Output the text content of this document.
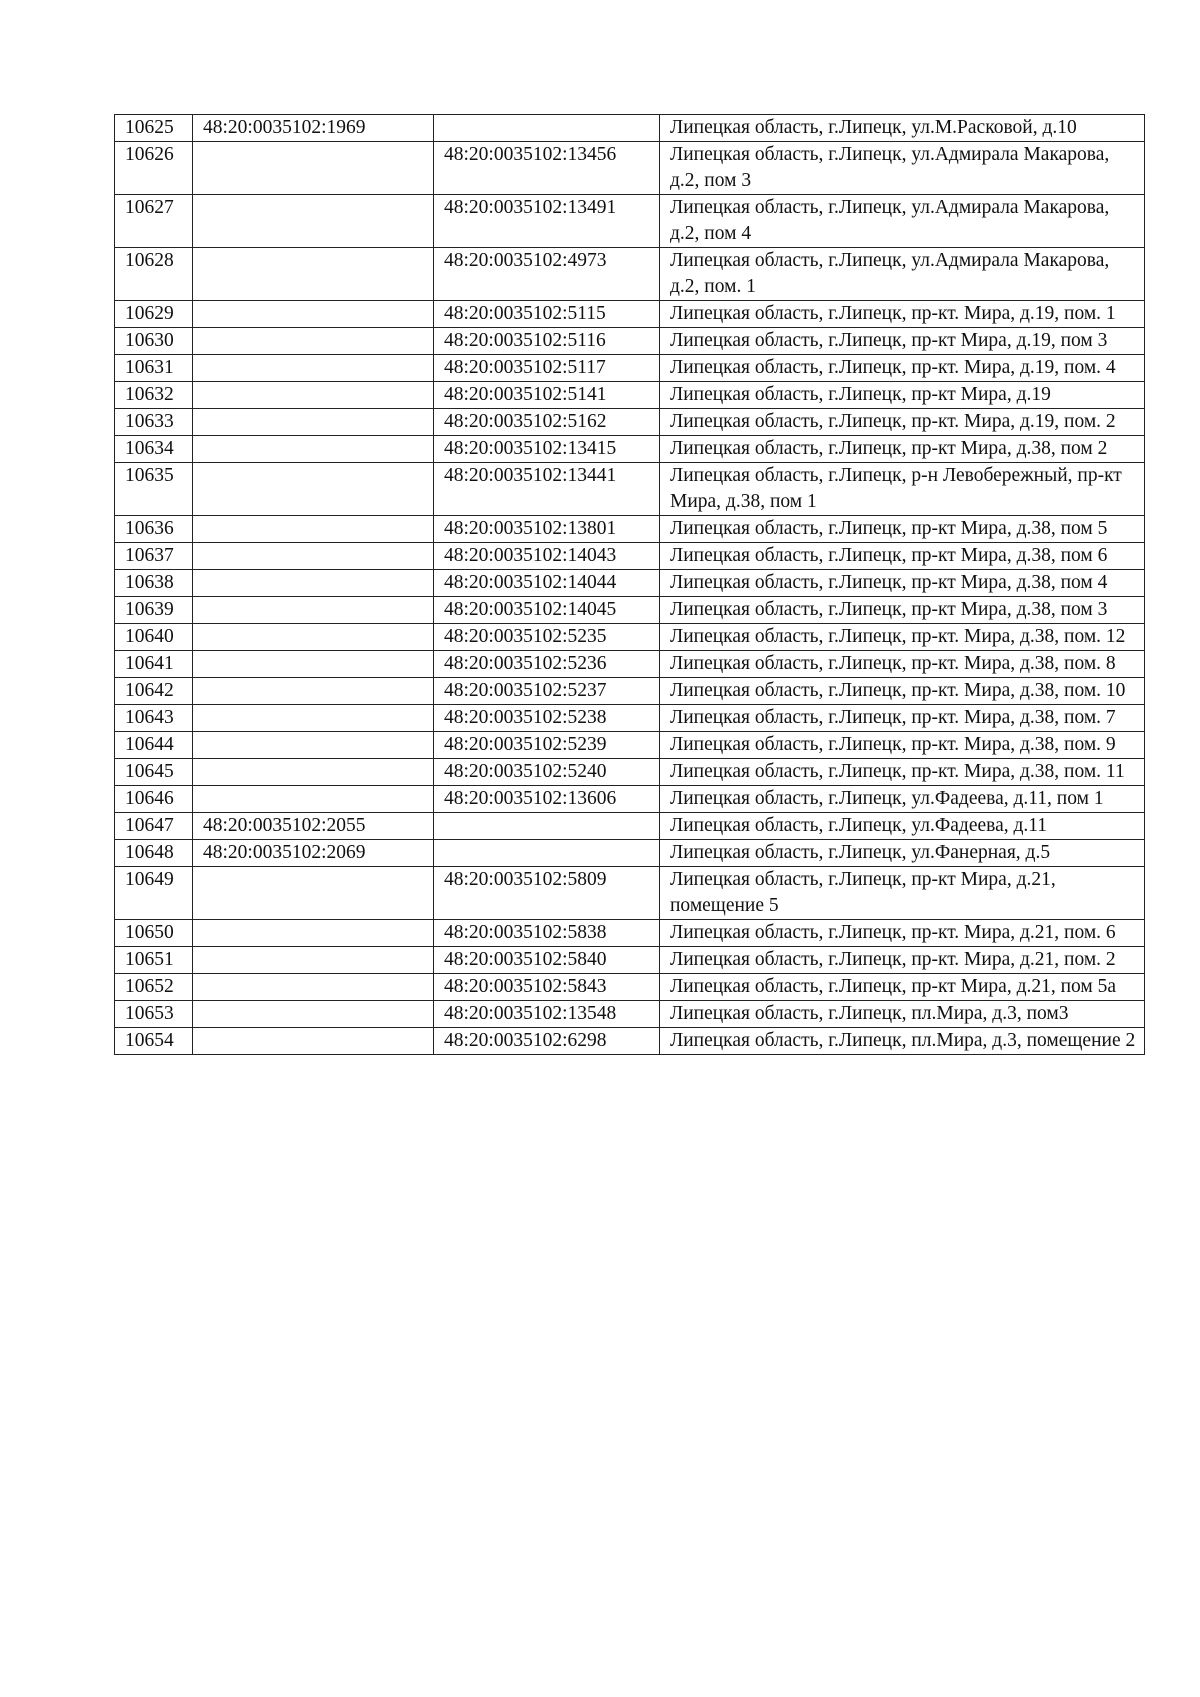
10625	48:20:0035102:1969		Липецкая область, г.Липецк, ул.М.Расковой, д.10
10626		48:20:0035102:13456	Липецкая область, г.Липецк, ул.Адмирала Макарова, д.2, пом 3
10627		48:20:0035102:13491	Липецкая область, г.Липецк, ул.Адмирала Макарова, д.2, пом 4
10628		48:20:0035102:4973	Липецкая область, г.Липецк, ул.Адмирала Макарова, д.2, пом. 1
10629		48:20:0035102:5115	Липецкая область, г.Липецк, пр-кт. Мира, д.19, пом. 1
10630		48:20:0035102:5116	Липецкая область, г.Липецк, пр-кт Мира, д.19, пом 3
10631		48:20:0035102:5117	Липецкая область, г.Липецк, пр-кт. Мира, д.19, пом. 4
10632		48:20:0035102:5141	Липецкая область, г.Липецк, пр-кт Мира, д.19
10633		48:20:0035102:5162	Липецкая область, г.Липецк, пр-кт. Мира, д.19, пом. 2
10634		48:20:0035102:13415	Липецкая область, г.Липецк, пр-кт Мира, д.38, пом 2
10635		48:20:0035102:13441	Липецкая область, г.Липецк, р-н Левобережный, пр-кт Мира, д.38, пом 1
10636		48:20:0035102:13801	Липецкая область, г.Липецк, пр-кт Мира, д.38, пом 5
10637		48:20:0035102:14043	Липецкая область, г.Липецк, пр-кт Мира, д.38, пом 6
10638		48:20:0035102:14044	Липецкая область, г.Липецк, пр-кт Мира, д.38, пом 4
10639		48:20:0035102:14045	Липецкая область, г.Липецк, пр-кт Мира, д.38, пом 3
10640		48:20:0035102:5235	Липецкая область, г.Липецк, пр-кт. Мира, д.38, пом. 12
10641		48:20:0035102:5236	Липецкая область, г.Липецк, пр-кт. Мира, д.38, пом. 8
10642		48:20:0035102:5237	Липецкая область, г.Липецк, пр-кт. Мира, д.38, пом. 10
10643		48:20:0035102:5238	Липецкая область, г.Липецк, пр-кт. Мира, д.38, пом. 7
10644		48:20:0035102:5239	Липецкая область, г.Липецк, пр-кт. Мира, д.38, пом. 9
10645		48:20:0035102:5240	Липецкая область, г.Липецк, пр-кт. Мира, д.38, пом. 11
10646		48:20:0035102:13606	Липецкая область, г.Липецк, ул.Фадеева, д.11, пом 1
10647	48:20:0035102:2055		Липецкая область, г.Липецк, ул.Фадеева, д.11
10648	48:20:0035102:2069		Липецкая область, г.Липецк, ул.Фанерная, д.5
10649		48:20:0035102:5809	Липецкая область, г.Липецк, пр-кт Мира, д.21, помещение 5
10650		48:20:0035102:5838	Липецкая область, г.Липецк, пр-кт. Мира, д.21, пом. 6
10651		48:20:0035102:5840	Липецкая область, г.Липецк, пр-кт. Мира, д.21, пом. 2
10652		48:20:0035102:5843	Липецкая область, г.Липецк, пр-кт Мира, д.21, пом 5а
10653		48:20:0035102:13548	Липецкая область, г.Липецк, пл.Мира, д.3, пом3
10654		48:20:0035102:6298	Липецкая область, г.Липецк, пл.Мира, д.3, помещение 2
